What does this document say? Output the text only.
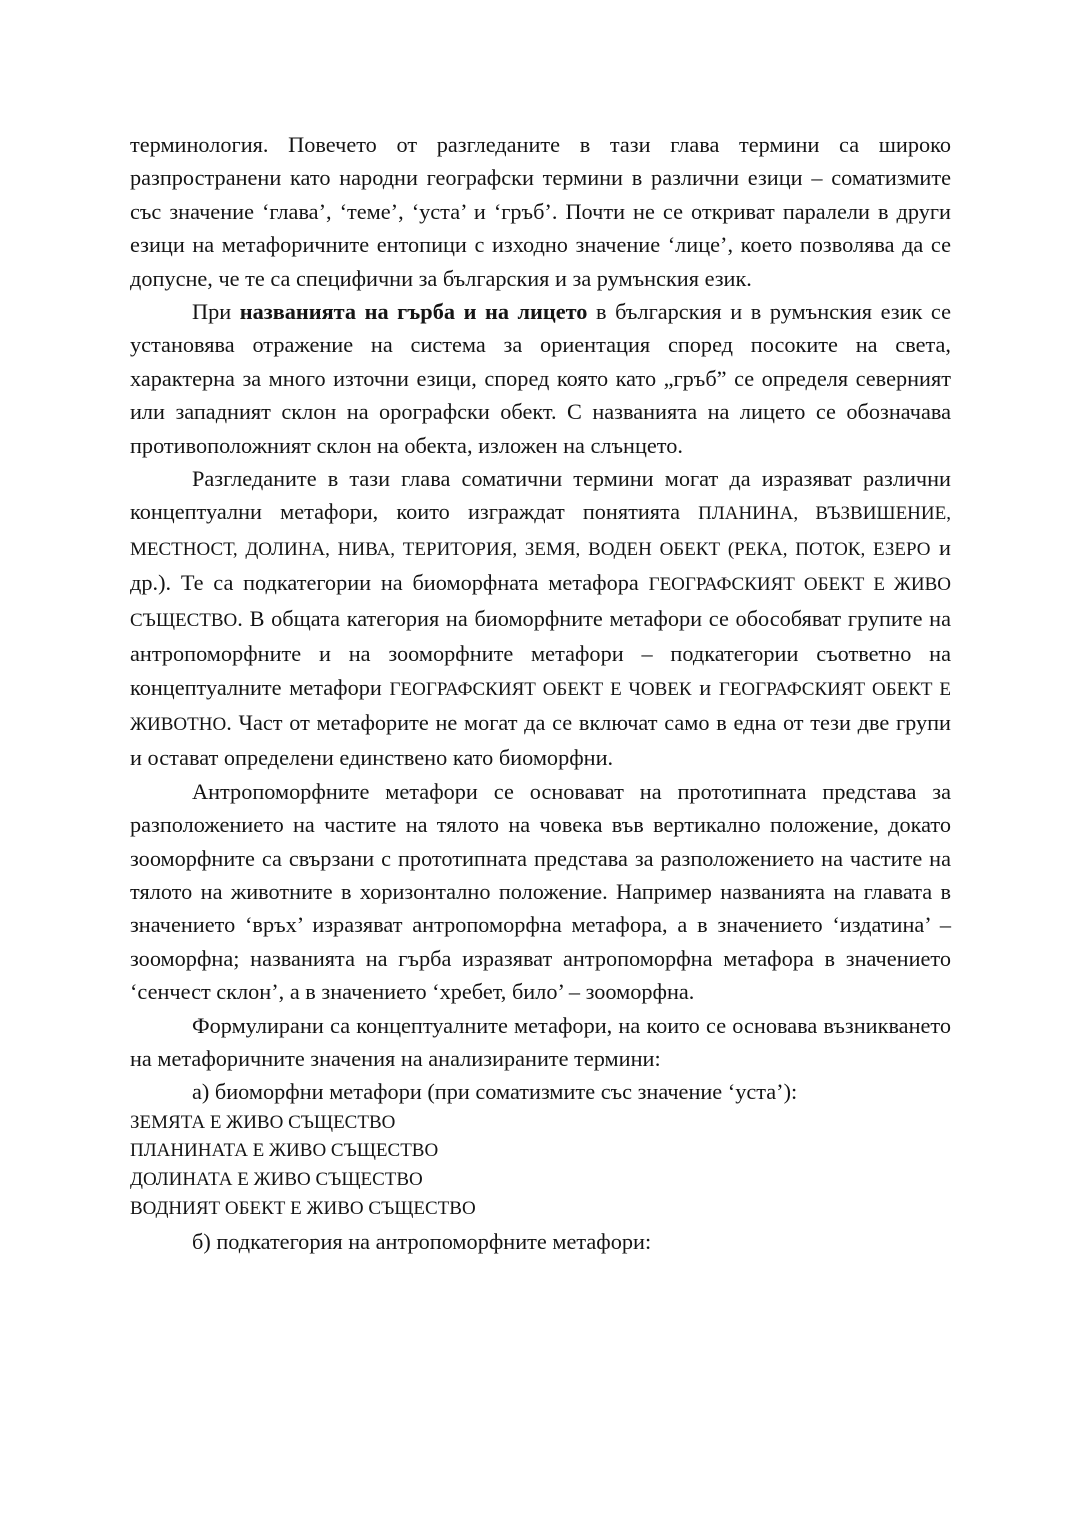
терминология. Повечето от разгледаните в тази глава термини са широко разпространени като народни географски термини в различни езици – соматизмите със значение ‘глава’, ‘теме’, ‘уста’ и ‘гръб’. Почти не се откриват паралели в други езици на метафоричните ентопици с изходно значение ‘лице’, което позволява да се допусне, че те са специфични за българския и за румънския език.

При названията на гърба и на лицето в българския и в румънския език се установява отражение на система за ориентация според посоките на света, характерна за много източни езици, според която като „гръб” се определя северният или западният склон на орографски обект. С названията на лицето се обозначава противоположният склон на обекта, изложен на слънцето.

Разгледаните в тази глава соматични термини могат да изразяват различни концептуални метафори, които изграждат понятията ПЛАНИНА, ВЪЗВИШЕНИЕ, МЕСТНОСТ, ДОЛИНА, НИВА, ТЕРИТОРИЯ, ЗЕМЯ, ВОДЕН ОБЕКТ (РЕКА, ПОТОК, ЕЗЕРО и др.). Те са подкатегории на биоморфната метафора ГЕОГРАФСКИЯТ ОБЕКТ Е ЖИВО СЪЩЕСТВО. В общата категория на биоморфните метафори се обособяват групите на антропоморфните и на зооморфните метафори – подкатегории съответно на концептуалните метафори ГЕОГРАФСКИЯТ ОБЕКТ Е ЧОВЕК и ГЕОГРАФСКИЯТ ОБЕКТ Е ЖИВОТНО. Част от метафорите не могат да се включат само в една от тези две групи и остават определени единствено като биоморфни.

Антропоморфните метафори се основават на прототипната представа за разположението на частите на тялото на човека във вертикално положение, докато зооморфните са свързани с прототипната представа за разположението на частите на тялото на животните в хоризонтално положение. Например названията на главата в значението ‘връх’ изразяват антропоморфна метафора, а в значението ‘издатина’ – зооморфна; названията на гърба изразяват антропоморфна метафора в значението ‘сенчест склон’, а в значението ‘хребет, било’ – зооморфна.

Формулирани са концептуалните метафори, на които се основава възникването на метафоричните значения на анализираните термини:

а) биоморфни метафори (при соматизмите със значение ‘уста’):

ЗЕМЯТА Е ЖИВО СЪЩЕСТВО
ПЛАНИНАТА Е ЖИВО СЪЩЕСТВО
ДОЛИНАТА Е ЖИВО СЪЩЕСТВО
ВОДНИЯТ ОБЕКТ Е ЖИВО СЪЩЕСТВО

б) подкатегория на антропоморфните метафори:
